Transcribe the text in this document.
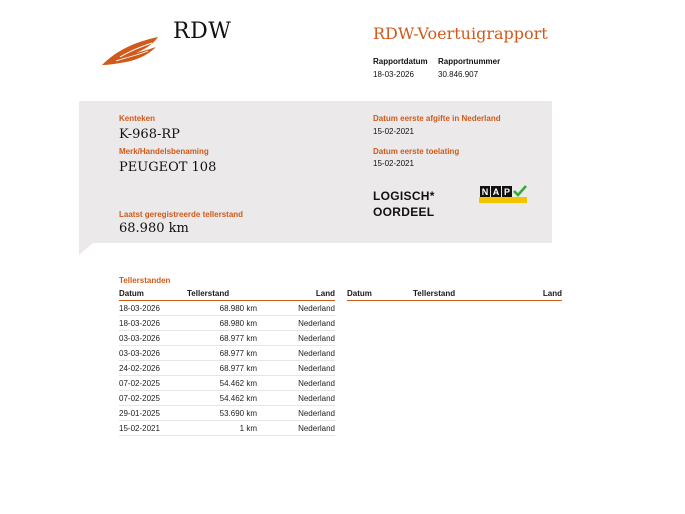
RDW	RDW-Voertuigrapport
Rapportdatum Rapportnummer
18-03-2026	30.846.907
Kenteken
K-968-RP
Merk/Handelsbenaming
PEUGEOT 108
Laatst geregistreerde tellerstand
68.980 km
Datum eerste afgifte in Nederland
15-02-2021
Datum eerste toelating
15-02-2021
LOGISCH*
OORDEEL
N A P
Tellerstanden
Datum	Tellerstand	Land
18-03-2026	68.980 km	Nederland
18-03-2026	68.980 km	Nederland
03-03-2026	68.977 km	Nederland
03-03-2026	68.977 km	Nederland
24-02-2026	68.977 km	Nederland
07-02-2025	54.462 km	Nederland
07-02-2025	54.462 km	Nederland
29-01-2025	53.690 km	Nederland
15-02-2021	1 km	Nederland
Datum	Tellerstand	Land
